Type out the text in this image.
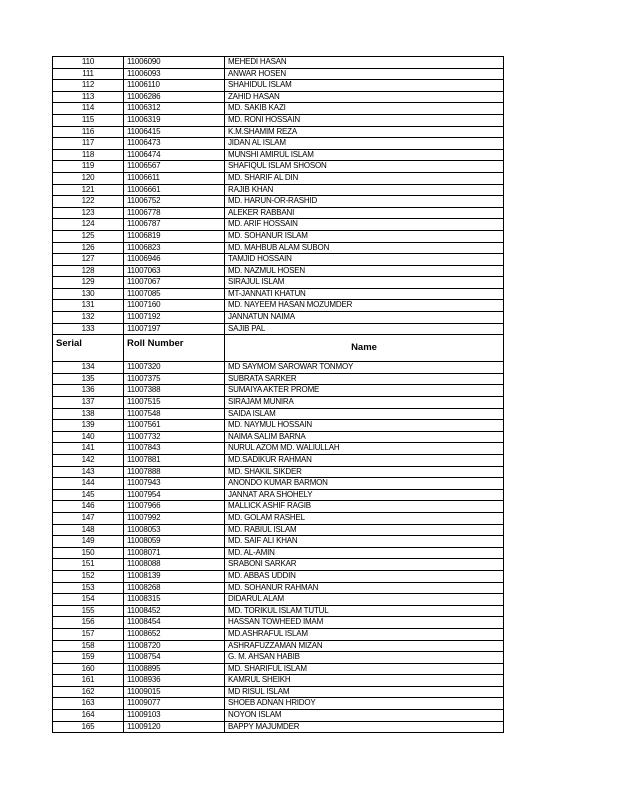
110	11006090	MEHEDI HASAN
111	11006093	ANWAR HOSEN
112	11006110	SHAHIDUL ISLAM
113	11006286	ZAHID HASAN
114	11006312	MD. SAKIB KAZI
115	11006319	MD. RONI HOSSAIN
116	11006415	K.M.SHAMIM REZA
117	11006473	JIDAN AL ISLAM
118	11006474	MUNSHI AMIRUL ISLAM
119	11006567	SHAFIQUL ISLAM SHOSON
120	11006611	MD. SHARIF AL DIN
121	11006661	RAJIB KHAN
122	11006752	MD. HARUN-OR-RASHID
123	11006778	ALEKER RABBANI
124	11006787	MD. ARIF HOSSAIN
125	11006819	MD. SOHANUR ISLAM
126	11006823	MD. MAHBUB ALAM SUBON
127	11006946	TAMJID HOSSAIN
128	11007063	MD. NAZMUL HOSEN
129	11007067	SIRAJUL ISLAM
130	11007085	MT-JANNATI KHATUN
131	11007160	MD. NAYEEM HASAN MOZUMDER
132	11007192	JANNATUN NAIMA
133	11007197	SAJIB PAL
Serial	Roll Number	Name
134	11007320	MD SAYMOM SAROWAR TONMOY
135	11007375	SUBRATA SARKER
136	11007388	SUMAIYA AKTER PROME
137	11007515	SIRAJAM MUNIRA
138	11007548	SAIDA ISLAM
139	11007561	MD. NAYMUL HOSSAIN
140	11007732	NAIMA SALIM BARNA
141	11007843	NURUL AZOM MD. WALIULLAH
142	11007881	MD.SADIKUR RAHMAN
143	11007888	MD. SHAKIL SIKDER
144	11007943	ANONDO KUMAR BARMON
145	11007954	JANNAT ARA SHOHELY
146	11007966	MALLICK ASHIF RAGIB
147	11007992	MD. GOLAM RASHEL
148	11008053	MD. RABIUL ISLAM
149	11008059	MD. SAIF ALI KHAN
150	11008071	MD. AL-AMIN
151	11008088	SRABONI SARKAR
152	11008139	MD. ABBAS UDDIN
153	11008268	MD. SOHANUR RAHMAN
154	11008315	DIDARUL ALAM
155	11008452	MD. TORIKUL ISLAM TUTUL
156	11008454	HASSAN TOWHEED IMAM
157	11008652	MD.ASHRAFUL ISLAM
158	11008720	ASHRAFUZZAMAN MIZAN
159	11008754	G. M. AHSAN HABIB
160	11008895	MD. SHARIFUL ISLAM
161	11008936	KAMRUL SHEIKH
162	11009015	MD RISUL ISLAM
163	11009077	SHOEB ADNAN HRIDOY
164	11009103	NOYON ISLAM
165	11009120	BAPPY MAJUMDER
